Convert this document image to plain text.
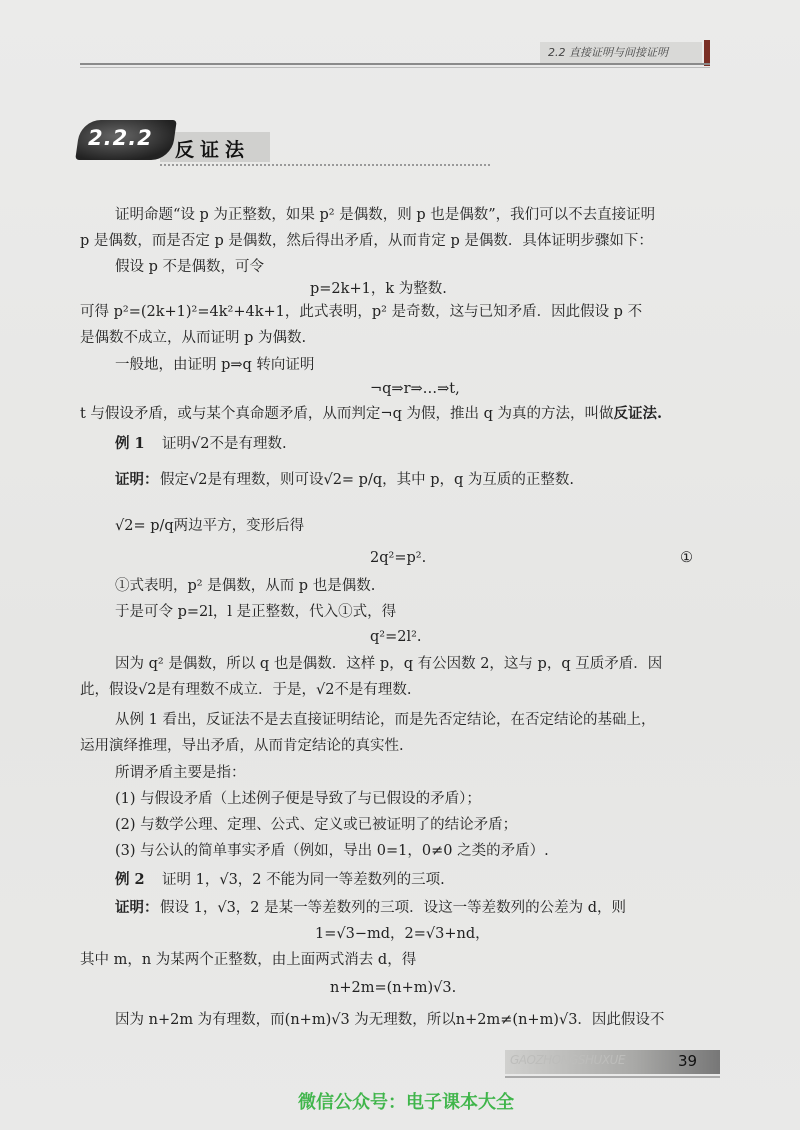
2.2 直接证明与间接证明
2.2.2 反证法
证明命题“设 p 为正整数，如果 p² 是偶数，则 p 也是偶数”，我们可以不去直接证明
p 是偶数，而是否定 p 是偶数，然后得出矛盾，从而肯定 p 是偶数．具体证明步骤如下：
假设 p 不是偶数，可令
p=2k+1，k 为整数.
可得 p²=(2k+1)²=4k²+4k+1，此式表明，p² 是奇数，这与已知矛盾．因此假设 p 不
是偶数不成立，从而证明 p 为偶数.
一般地，由证明 p⇒q 转向证明
¬q⇒r⇒…⇒t,
t 与假设矛盾，或与某个真命题矛盾，从而判定¬q 为假，推出 q 为真的方法，叫做反证法.
例 1 证明√2不是有理数.
证明： 假定√2是有理数，则可设√2= p/q，其中 p，q 为互质的正整数.
√2= p/q两边平方，变形后得
2q²=p².	①
①式表明，p² 是偶数，从而 p 也是偶数.
于是可令 p=2l，l 是正整数，代入①式，得
q²=2l².
因为 q² 是偶数，所以 q 也是偶数．这样 p，q 有公因数 2，这与 p，q 互质矛盾．因
此，假设√2是有理数不成立．于是，√2不是有理数.
从例 1 看出，反证法不是去直接证明结论，而是先否定结论，在否定结论的基础上，
运用演绎推理，导出矛盾，从而肯定结论的真实性.
所谓矛盾主要是指：
(1) 与假设矛盾（上述例子便是导致了与已假设的矛盾）；
(2) 与数学公理、定理、公式、定义或已被证明了的结论矛盾；
(3) 与公认的简单事实矛盾（例如，导出 0=1，0≠0 之类的矛盾）.
例 2 证明 1，√3，2 不能为同一等差数列的三项.
证明： 假设 1，√3，2 是某一等差数列的三项．设这一等差数列的公差为 d，则
1=√3−md，2=√3+nd，
其中 m，n 为某两个正整数，由上面两式消去 d，得
n+2m=(n+m)√3.
因为 n+2m 为有理数，而(n+m)√3 为无理数，所以n+2m≠(n+m)√3．因此假设不
GAOZHONGSHUXUE	39
微信公众号：电子课本大全
